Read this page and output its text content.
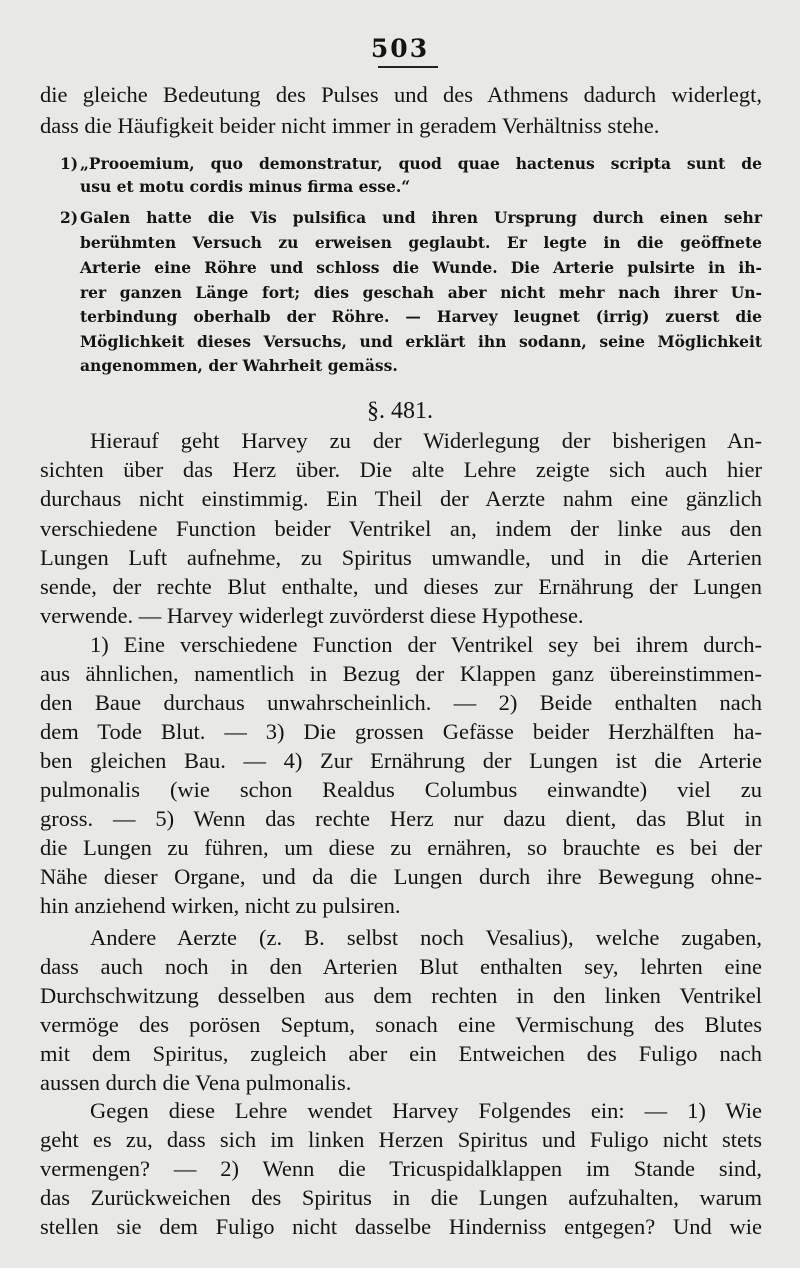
503
die gleiche Bedeutung des Pulses und des Athmens dadurch widerlegt,
dass die Häufigkeit beider nicht immer in geradem Verhältniss stehe.
1) „Prooemium, quo demonstratur, quod quae hactenus scripta sunt de
usu et motu cordis minus firma esse.“
2) Galen hatte die Vis pulsifica und ihren Ursprung durch einen sehr
berühmten Versuch zu erweisen geglaubt. Er legte in die geöffnete
Arterie eine Röhre und schloss die Wunde. Die Arterie pulsirte in ih-
rer ganzen Länge fort; dies geschah aber nicht mehr nach ihrer Un-
terbindung oberhalb der Röhre. — Harvey leugnet (irrig) zuerst die
Möglichkeit dieses Versuchs, und erklärt ihn sodann, seine Möglichkeit
angenommen, der Wahrheit gemäss.
§. 481.
Hierauf geht Harvey zu der Widerlegung der bisherigen An-
sichten über das Herz über. Die alte Lehre zeigte sich auch hier
durchaus nicht einstimmig. Ein Theil der Aerzte nahm eine gänzlich
verschiedene Function beider Ventrikel an, indem der linke aus den
Lungen Luft aufnehme, zu Spiritus umwandle, und in die Arterien
sende, der rechte Blut enthalte, und dieses zur Ernährung der Lungen
verwende. — Harvey widerlegt zuvörderst diese Hypothese.
1) Eine verschiedene Function der Ventrikel sey bei ihrem durch-
aus ähnlichen, namentlich in Bezug der Klappen ganz übereinstimmen-
den Baue durchaus unwahrscheinlich. — 2) Beide enthalten nach
dem Tode Blut. — 3) Die grossen Gefässe beider Herzhälften ha-
ben gleichen Bau. — 4) Zur Ernährung der Lungen ist die Arterie
pulmonalis (wie schon Realdus Columbus einwandte) viel zu
gross. — 5) Wenn das rechte Herz nur dazu dient, das Blut in
die Lungen zu führen, um diese zu ernähren, so brauchte es bei der
Nähe dieser Organe, und da die Lungen durch ihre Bewegung ohne-
hin anziehend wirken, nicht zu pulsiren.
Andere Aerzte (z. B. selbst noch Vesalius), welche zugaben,
dass auch noch in den Arterien Blut enthalten sey, lehrten eine
Durchschwitzung desselben aus dem rechten in den linken Ventrikel
vermöge des porösen Septum, sonach eine Vermischung des Blutes
mit dem Spiritus, zugleich aber ein Entweichen des Fuligo nach
aussen durch die Vena pulmonalis.
Gegen diese Lehre wendet Harvey Folgendes ein: — 1) Wie
geht es zu, dass sich im linken Herzen Spiritus und Fuligo nicht stets
vermengen? — 2) Wenn die Tricuspidalklappen im Stande sind,
das Zurückweichen des Spiritus in die Lungen aufzuhalten, warum
stellen sie dem Fuligo nicht dasselbe Hinderniss entgegen? Und wie
